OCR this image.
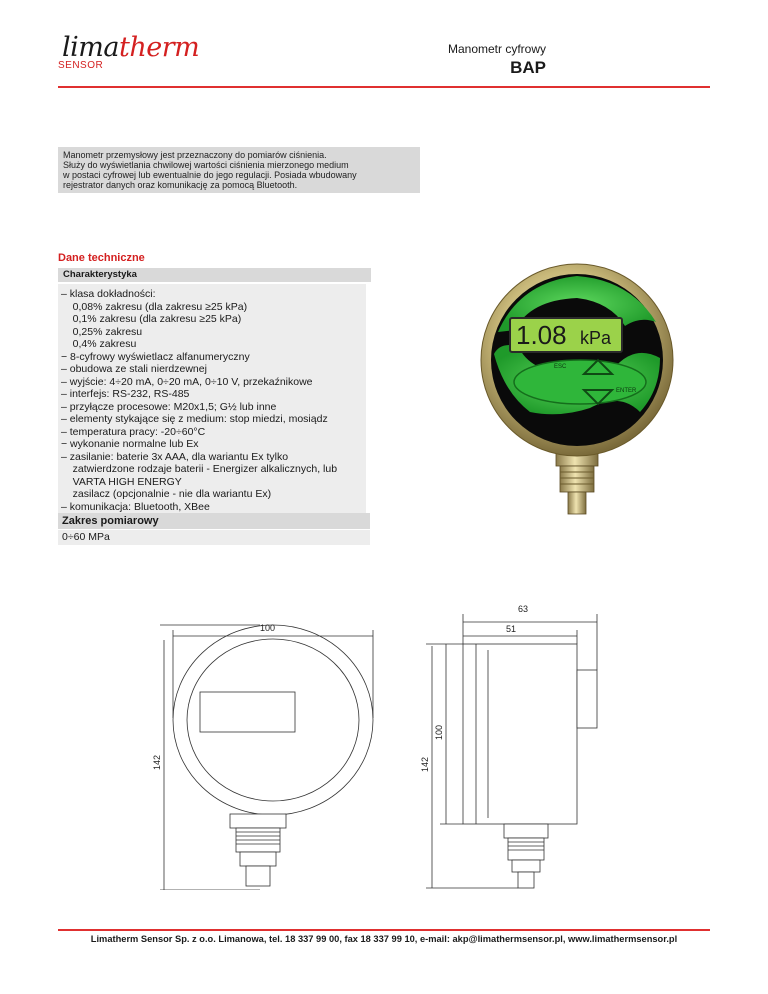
limatherm
SENSOR
Manometr cyfrowy
BAP
Manometr przemysłowy jest przeznaczony do pomiarów ciśnienia.
Służy do wyświetlania chwilowej wartości ciśnienia mierzonego medium
w postaci cyfrowej lub ewentualnie do jego regulacji. Posiada wbudowany
rejestrator danych oraz komunikację za pomocą Bluetooth.
Dane techniczne
Charakterystyka
– klasa dokładności:
0,08% zakresu (dla zakresu ≥25 kPa)
0,1% zakresu (dla zakresu ≥25 kPa)
0,25% zakresu
0,4% zakresu
− 8-cyfrowy wyświetlacz alfanumeryczny
– obudowa ze stali nierdzewnej
– wyjście: 4÷20 mA, 0÷20 mA, 0÷10 V, przekaźnikowe
– interfejs: RS-232, RS-485
– przyłącze procesowe: M20x1,5; G½ lub inne
– elementy stykające się z medium: stop miedzi, mosiądz
– temperatura pracy: -20÷60°C
− wykonanie normalne lub Ex
– zasilanie: baterie 3x AAA, dla wariantu Ex tylko
zatwierdzone rodzaje baterii - Energizer alkalicznych, lub
VARTA HIGH ENERGY
zasilacz (opcjonalnie - nie dla wariantu Ex)
– komunikacja: Bluetooth, XBee
Zakres pomiarowy
0÷60 MPa
1.08 kPa
ESC
ENTER
100
142
63
51
100
142
Limatherm Sensor Sp. z o.o. Limanowa, tel. 18 337 99 00, fax 18 337 99 10, e-mail: akp@limathermsensor.pl, www.limathermsensor.pl
